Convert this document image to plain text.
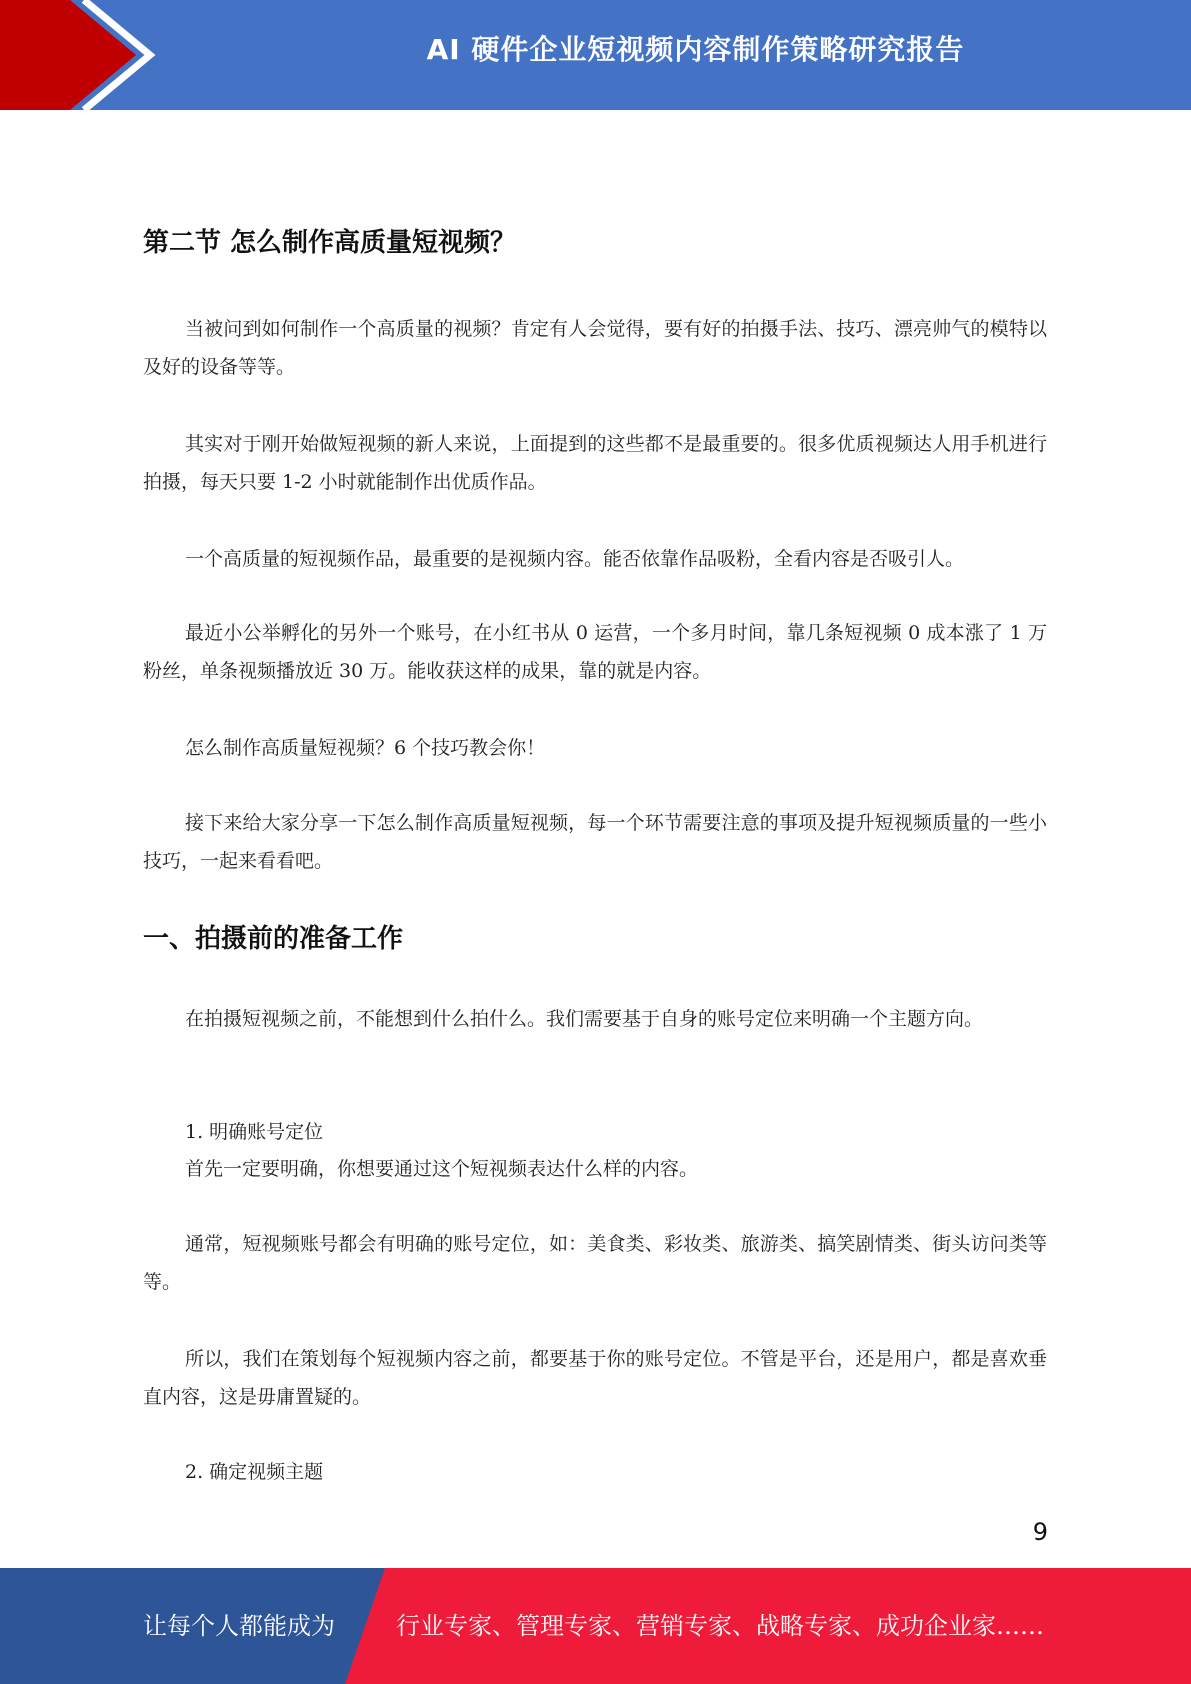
AI 硬件企业短视频内容制作策略研究报告
第二节 怎么制作高质量短视频？

当被问到如何制作一个高质量的视频？肯定有人会觉得，要有好的拍摄手法、技巧、漂亮帅气的模特以及好的设备等等。

其实对于刚开始做短视频的新人来说，上面提到的这些都不是最重要的。很多优质视频达人用手机进行拍摄，每天只要 1-2 小时就能制作出优质作品。

一个高质量的短视频作品，最重要的是视频内容。能否依靠作品吸粉，全看内容是否吸引人。

最近小公举孵化的另外一个账号，在小红书从 0 运营，一个多月时间，靠几条短视频 0 成本涨了 1 万粉丝，单条视频播放近 30 万。能收获这样的成果，靠的就是内容。

怎么制作高质量短视频？6 个技巧教会你！

接下来给大家分享一下怎么制作高质量短视频，每一个环节需要注意的事项及提升短视频质量的一些小技巧，一起来看看吧。

一、拍摄前的准备工作

在拍摄短视频之前，不能想到什么拍什么。我们需要基于自身的账号定位来明确一个主题方向。

1. 明确账号定位

首先一定要明确，你想要通过这个短视频表达什么样的内容。

通常，短视频账号都会有明确的账号定位，如：美食类、彩妆类、旅游类、搞笑剧情类、街头访问类等等。

所以，我们在策划每个短视频内容之前，都要基于你的账号定位。不管是平台，还是用户，都是喜欢垂直内容，这是毋庸置疑的。

2. 确定视频主题

9
让每个人都能成为	行业专家、管理专家、营销专家、战略专家、成功企业家……
